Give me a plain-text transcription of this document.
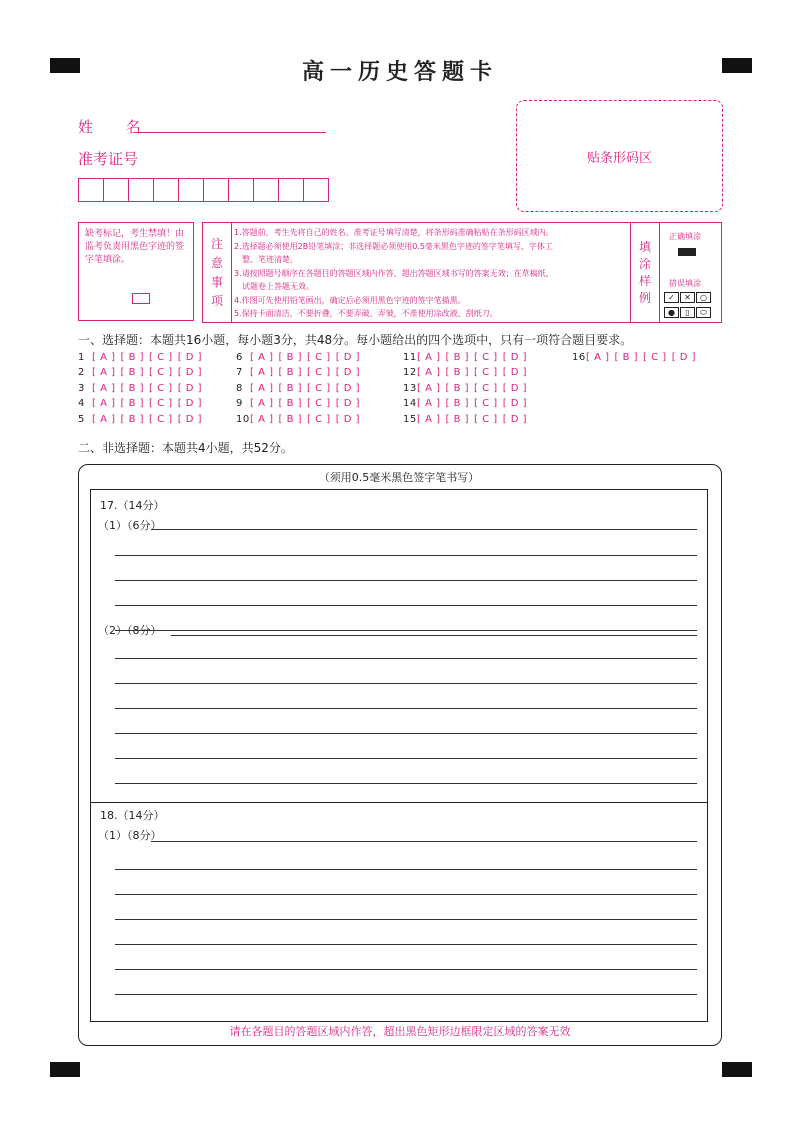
高一历史答题卡
姓 名
准考证号	贴条形码区
缺考标记，考生禁填！由监考负责用黑色字迹的签字笔填涂。
注
意
事
项
1.答题前，考生先将自己的姓名、准考证号填写清楚，将条形码准确粘贴在条形码区域内。
2.选择题必须使用2B铅笔填涂；非选择题必须使用0.5毫米黑色字迹的签字笔填写，字体工
整、笔迹清楚。
3.请按照题号顺序在各题目的答题区域内作答，超出答题区域书写的答案无效；在草稿纸、
试题卷上答题无效。
4.作图可先使用铅笔画出，确定后必须用黑色字迹的签字笔描黑。
5.保持卡面清洁，不要折叠，不要弄破、弄皱，不准使用涂改液、刮纸刀。
填
涂
样
例
正确填涂
错误填涂
✓	✕	○
●	▯	⬭
一、选择题：本题共16小题，每小题3分，共48分。每小题给出的四个选项中，只有一项符合题目要求。
1 [ A ] [ B ] [ C ] [ D ]
2 [ A ] [ B ] [ C ] [ D ]
3 [ A ] [ B ] [ C ] [ D ]
4 [ A ] [ B ] [ C ] [ D ]
5 [ A ] [ B ] [ C ] [ D ]
6 [ A ] [ B ] [ C ] [ D ]
7 [ A ] [ B ] [ C ] [ D ]
8 [ A ] [ B ] [ C ] [ D ]
9 [ A ] [ B ] [ C ] [ D ]
10[ A ] [ B ] [ C ] [ D ]
11[ A ] [ B ] [ C ] [ D ]
12[ A ] [ B ] [ C ] [ D ]
13[ A ] [ B ] [ C ] [ D ]
14[ A ] [ B ] [ C ] [ D ]
15[ A ] [ B ] [ C ] [ D ]
16[ A ] [ B ] [ C ] [ D ]
二、非选择题：本题共4小题，共52分。
（须用0.5毫米黑色签字笔书写）
17.（14分）
（1）（6分）
（2）（8分）
18.（14分）
（1）（8分）
请在各题目的答题区域内作答，超出黑色矩形边框限定区域的答案无效
